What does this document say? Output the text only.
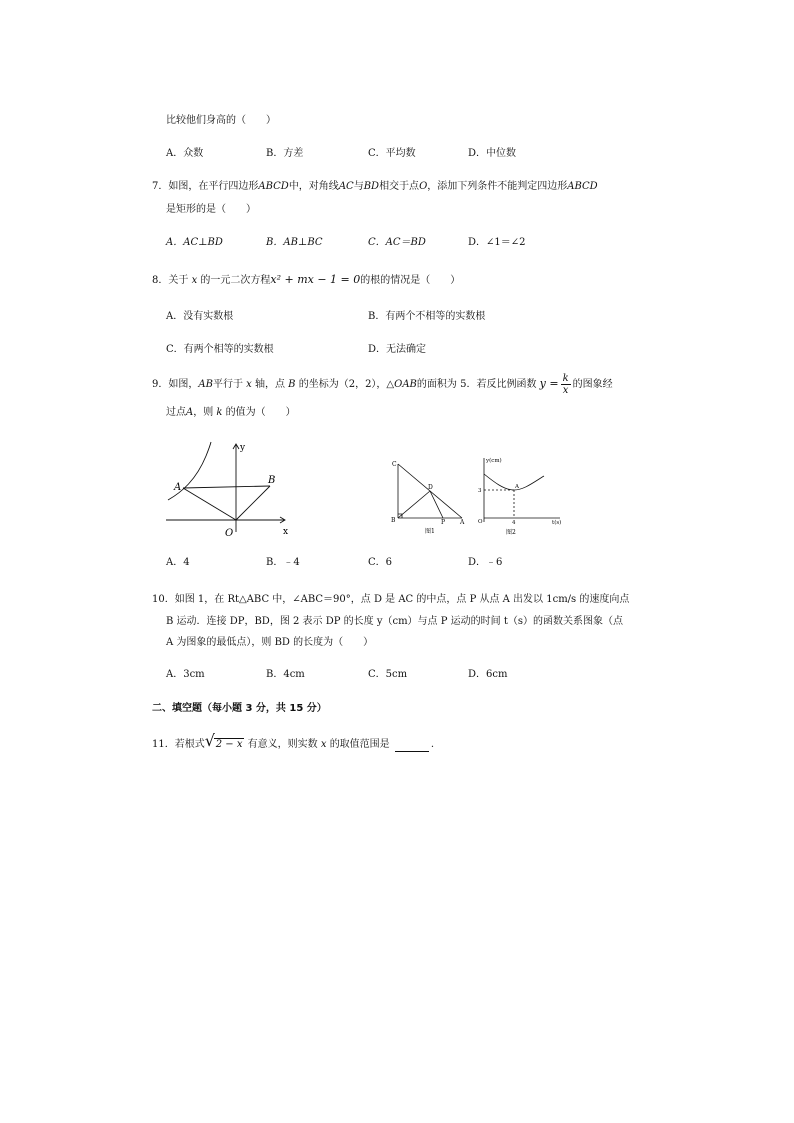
比较他们身高的（　　）
A．众数	B．方差	C．平均数	D．中位数
7．如图，在平行四边形ABCD中，对角线AC与BD相交于点O，添加下列条件不能判定四边形ABCD
是矩形的是（　　）
A．AC⊥BD	B．AB⊥BC	C．AC＝BD	D．∠1＝∠2
8．关于 x 的一元二次方程x² + mx − 1 = 0的根的情况是（　　）
A．没有实数根	B．有两个不相等的实数根
C．有两个相等的实数根	D．无法确定
9．如图，AB平行于 x 轴，点 B 的坐标为（2，2），△OAB的面积为 5．若反比例函数 $y = \frac{k}{x}$ 的图象经
过点A，则 k 的值为（　　）
y
x
A
B
O
C
D
B	P A
图1
y(cm)
3
A
O	4	t(s)
图2
A．4	B．﹣4	C．6	D．﹣6
10．如图 1，在 Rt△ABC 中，∠ABC＝90°，点 D 是 AC 的中点，点 P 从点 A 出发以 1cm/s 的速度向点
B 运动．连接 DP，BD，图 2 表示 DP 的长度 y（cm）与点 P 运动的时间 t（s）的函数关系图象（点
A 为图象的最低点），则 BD 的长度为（　　）
A．3cm	B．4cm	C．5cm	D．6cm
二、填空题（每小题 3 分，共 15 分）
11．若根式 √ 2 − x 有意义，则实数 x 的取值范围是	.
